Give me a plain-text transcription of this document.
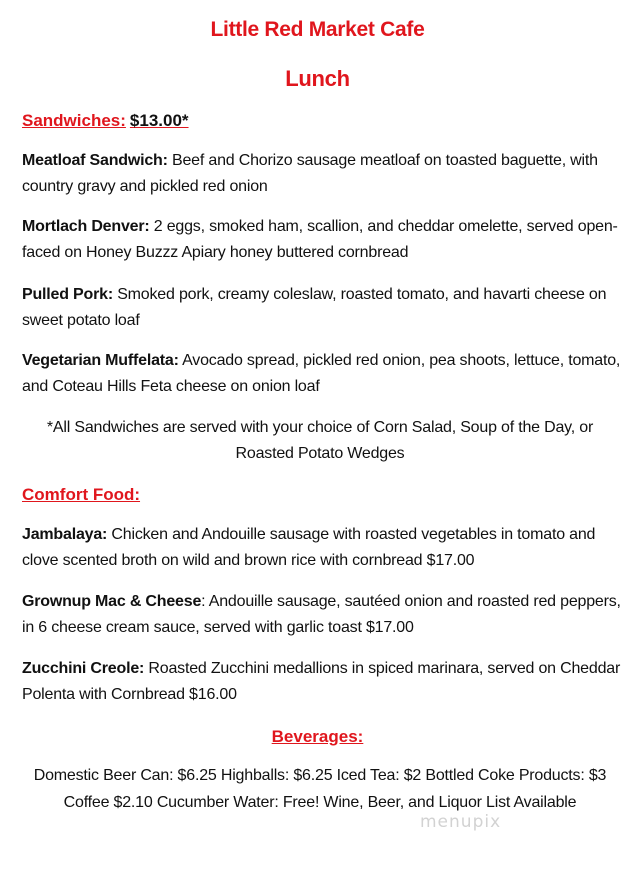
Little Red Market Cafe
Lunch
Sandwiches: $13.00*
Meatloaf Sandwich: Beef and Chorizo sausage meatloaf on toasted baguette, with country gravy and pickled red onion
Mortlach Denver: 2 eggs, smoked ham, scallion, and cheddar omelette, served open-faced on Honey Buzzz Apiary honey buttered cornbread
Pulled Pork: Smoked pork, creamy coleslaw, roasted tomato, and havarti cheese on sweet potato loaf
Vegetarian Muffelata: Avocado spread, pickled red onion, pea shoots, lettuce, tomato, and Coteau Hills Feta cheese on onion loaf
*All Sandwiches are served with your choice of Corn Salad, Soup of the Day, or Roasted Potato Wedges
Comfort Food:
Jambalaya: Chicken and Andouille sausage with roasted vegetables in tomato and clove scented broth on wild and brown rice with cornbread $17.00
Grownup Mac & Cheese: Andouille sausage, sautéed onion and roasted red peppers, in 6 cheese cream sauce, served with garlic toast $17.00
Zucchini Creole: Roasted Zucchini medallions in spiced marinara, served on Cheddar Polenta with Cornbread $16.00
Beverages:
Domestic Beer Can: $6.25 Highballs: $6.25 Iced Tea: $2 Bottled Coke Products: $3 Coffee $2.10 Cucumber Water: Free! Wine, Beer, and Liquor List Available
menupix
